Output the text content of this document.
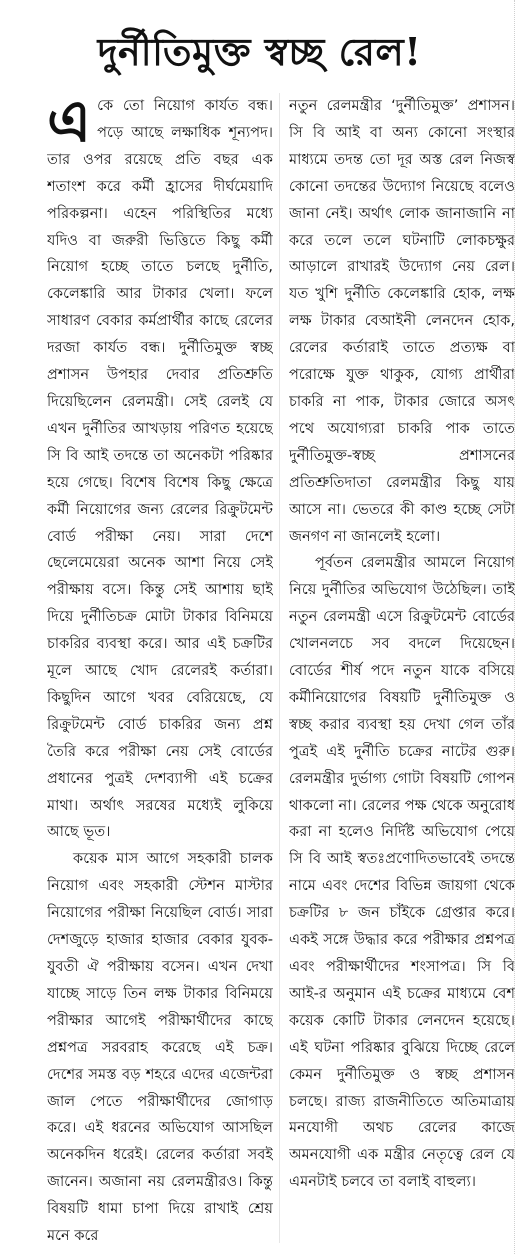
দুর্নীতিমুক্ত স্বচ্ছ রেল!

একে তো নিয়োগ কার্যত বন্ধ। পড়ে আছে লক্ষাধিক শূন্যপদ। তার ওপর রয়েছে প্রতি বছর এক শতাংশ করে কর্মী হ্রাসের দীর্ঘমেয়াদি পরিকল্পনা। এহেন পরিস্থিতির মধ্যে যদিও বা জরুরী ভিত্তিতে কিছু কর্মী নিয়োগ হচ্ছে তাতে চলছে দুর্নীতি, কেলেঙ্কারি আর টাকার খেলা। ফলে সাধারণ বেকার কর্মপ্রার্থীর কাছে রেলের দরজা কার্যত বন্ধ। দুর্নীতিমুক্ত স্বচ্ছ প্রশাসন উপহার দেবার প্রতিশ্রুতি দিয়েছিলেন রেলমন্ত্রী। সেই রেলই যে এখন দুর্নীতির আখড়ায় পরিণত হয়েছে সি বি আই তদন্তে তা অনেকটা পরিষ্কার হয়ে গেছে। বিশেষ বিশেষ কিছু ক্ষেত্রে কর্মী নিয়োগের জন্য রেলের রিক্রুটমেন্ট বোর্ড পরীক্ষা নেয়। সারা দেশে ছেলেমেয়েরা অনেক আশা নিয়ে সেই পরীক্ষায় বসে। কিন্তু সেই আশায় ছাই দিয়ে দুর্নীতিচক্র মোটা টাকার বিনিময়ে চাকরির ব্যবস্থা করে। আর এই চক্রটির মূলে আছে খোদ রেলেরই কর্তারা। কিছুদিন আগে খবর বেরিয়েছে, যে রিক্রুটমেন্ট বোর্ড চাকরির জন্য প্রশ্ন তৈরি করে পরীক্ষা নেয় সেই বোর্ডের প্রধানের পুত্রই দেশব্যাপী এই চক্রের মাথা। অর্থাৎ সরষের মধ্যেই লুকিয়ে আছে ভূত।

কয়েক মাস আগে সহকারী চালক নিয়োগ এবং সহকারী স্টেশন মাস্টার নিয়োগের পরীক্ষা নিয়েছিল বোর্ড। সারা দেশজুড়ে হাজার হাজার বেকার যুবক-যুবতী ঐ পরীক্ষায় বসেন। এখন দেখা যাচ্ছে সাড়ে তিন লক্ষ টাকার বিনিময়ে পরীক্ষার আগেই পরীক্ষার্থীদের কাছে প্রশ্নপত্র সরবরাহ করেছে এই চক্র। দেশের সমস্ত বড় শহরে এদের এজেন্টরা জাল পেতে পরীক্ষার্থীদের জোগাড় করে। এই ধরনের অভিযোগ আসছিল অনেকদিন ধরেই। রেলের কর্তারা সবই জানেন। অজানা নয় রেলমন্ত্রীরও। কিন্তু বিষয়টি ধামা চাপা দিয়ে রাখাই শ্রেয় মনে করে

নতুন রেলমন্ত্রীর ‘দুর্নীতিমুক্ত’ প্রশাসন। সি বি আই বা অন্য কোনো সংস্থার মাধ্যমে তদন্ত তো দূর অস্ত রেল নিজস্ব কোনো তদন্তের উদ্যোগ নিয়েছে বলেও জানা নেই। অর্থাৎ লোক জানাজানি না করে তলে তলে ঘটনাটি লোকচক্ষুর আড়ালে রাখারই উদ্যোগ নেয় রেল। যত খুশি দুর্নীতি কেলেঙ্কারি হোক, লক্ষ লক্ষ টাকার বেআইনী লেনদেন হোক, রেলের কর্তারাই তাতে প্রত্যক্ষ বা পরোক্ষে যুক্ত থাকুক, যোগ্য প্রার্থীরা চাকরি না পাক, টাকার জোরে অসৎ পথে অযোগ্যরা চাকরি পাক তাতে দুর্নীতিমুক্ত-স্বচ্ছ প্রশাসনের প্রতিশ্রুতিদাতা রেলমন্ত্রীর কিছু যায় আসে না। ভেতরে কী কাণ্ড হচ্ছে সেটা জনগণ না জানলেই হলো।

পূর্বতন রেলমন্ত্রীর আমলে নিয়োগ নিয়ে দুর্নীতির অভিযোগ উঠেছিল। তাই নতুন রেলমন্ত্রী এসে রিক্রুটমেন্ট বোর্ডের খোলনলচে সব বদলে দিয়েছেন। বোর্ডের শীর্ষ পদে নতুন যাকে বসিয়ে কর্মীনিয়োগের বিষয়টি দুর্নীতিমুক্ত ও স্বচ্ছ করার ব্যবস্থা হয় দেখা গেল তাঁর পুত্রই এই দুর্নীতি চক্রের নাটের গুরু। রেলমন্ত্রীর দুর্ভাগ্য গোটা বিষয়টি গোপন থাকলো না। রেলের পক্ষ থেকে অনুরোধ করা না হলেও নির্দিষ্ট অভিযোগ পেয়ে সি বি আই স্বতঃপ্রণোদিতভাবেই তদন্তে নামে এবং দেশের বিভিন্ন জায়গা থেকে চক্রটির ৮ জন চাঁইকে গ্রেপ্তার করে। একই সঙ্গে উদ্ধার করে পরীক্ষার প্রশ্নপত্র এবং পরীক্ষার্থীদের শংসাপত্র। সি বি আই-র অনুমান এই চক্রের মাধ্যমে বেশ কয়েক কোটি টাকার লেনদেন হয়েছে। এই ঘটনা পরিষ্কার বুঝিয়ে দিচ্ছে রেলে কেমন দুর্নীতিমুক্ত ও স্বচ্ছ প্রশাসন চলছে। রাজ্য রাজনীতিতে অতিমাত্রায় মনযোগী অথচ রেলের কাজে অমনযোগী এক মন্ত্রীর নেতৃত্বে রেল যে এমনটাই চলবে তা বলাই বাহুল্য।
